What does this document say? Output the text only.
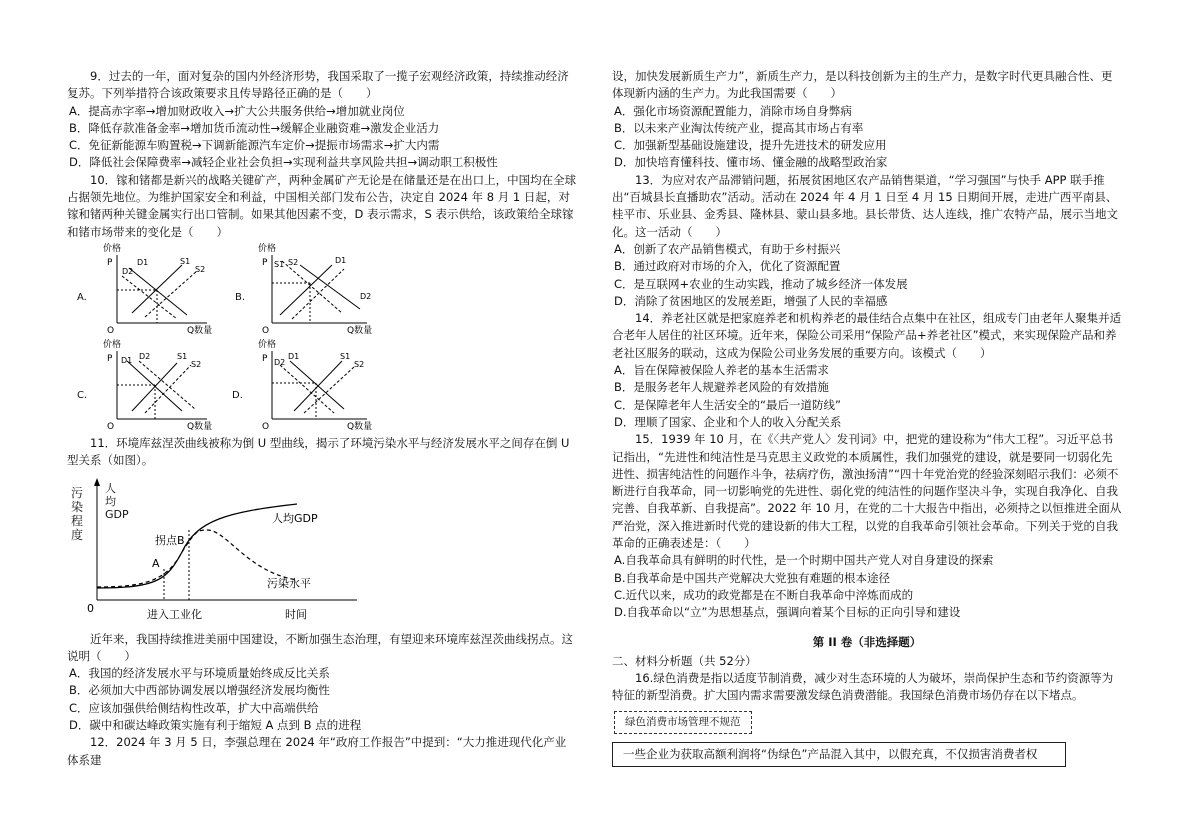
9．过去的一年，面对复杂的国内外经济形势，我国采取了一揽子宏观经济政策，持续推动经济复苏。下列举措符合该政策要求且传导路径正确的是（　　）

A．提高赤字率→增加财政收入→扩大公共服务供给→增加就业岗位

B．降低存款准备金率→增加货币流动性→缓解企业融资难→激发企业活力

C．免征新能源车购置税→下调新能源汽车定价→提振市场需求→扩大内需

D．降低社会保障费率→减轻企业社会负担→实现利益共享风险共担→调动职工积极性

10．镓和锗都是新兴的战略关键矿产，两种金属矿产无论是在储量还是在出口上，中国均在全球占据领先地位。为维护国家安全和利益，中国相关部门发布公告，决定自 2024 年 8 月 1 日起，对镓和锗两种关键金属实行出口管制。如果其他因素不变，D 表示需求，S 表示供给，该政策给全球镓和锗市场带来的变化是（　　）

价格
P
O	Q数量
D2
D1	S1
S2
A.
价格
P
O	Q数量
S1 S2	D1
D2
B.
价格
P
O	Q数量
D1 D2	S1
S2
C.
价格
P
O	Q数量
D2
D1	S1
S2
D.

11．环境库兹涅茨曲线被称为倒 U 型曲线，揭示了环境污染水平与经济发展水平之间存在倒 U 型关系（如图）。

拐点B
A
人均GDP
污染水平
进入工业化	时间
0
污染程度
人均GDP

近年来，我国持续推进美丽中国建设，不断加强生态治理，有望迎来环境库兹涅茨曲线拐点。这说明（　　）

A．我国的经济发展水平与环境质量始终成反比关系

B．必须加大中西部协调发展以增强经济发展均衡性

C．应该加强供给侧结构性改革，扩大中高端供给

D．碳中和碳达峰政策实施有利于缩短 A 点到 B 点的进程

12．2024 年 3 月 5 日，李强总理在 2024 年“政府工作报告”中提到：“大力推进现代化产业体系建

设，加快发展新质生产力”，新质生产力，是以科技创新为主的生产力，是数字时代更具融合性、更体现新内涵的生产力。为此我国需要（　　）

A．强化市场资源配置能力，消除市场自身弊病

B．以未来产业淘汰传统产业，提高其市场占有率

C．加强新型基础设施建设，提升先进技术的研发应用

D．加快培育懂科技、懂市场、懂金融的战略型政治家

13．为应对农产品滞销问题，拓展贫困地区农产品销售渠道，“学习强国”与快手 APP 联手推出“百城县长直播助农”活动。活动在 2024 年 4 月 1 日至 4 月 15 日期间开展，走进广西平南县、桂平市、乐业县、金秀县、隆林县、蒙山县多地。县长带货、达人连线，推广农特产品，展示当地文化。这一活动（　　）

A．创新了农产品销售模式，有助于乡村振兴

B．通过政府对市场的介入，优化了资源配置

C．是互联网+农业的生动实践，推动了城乡经济一体发展

D．消除了贫困地区的发展差距，增强了人民的幸福感

14．养老社区就是把家庭养老和机构养老的最佳结合点集中在社区，组成专门由老年人聚集并适合老年人居住的社区环境。近年来，保险公司采用“保险产品+养老社区”模式，来实现保险产品和养老社区服务的联动，这成为保险公司业务发展的重要方向。该模式（　　）

A．旨在保障被保险人养老的基本生活需求

B．是服务老年人规避养老风险的有效措施

C．是保障老年人生活安全的“最后一道防线”

D．理顺了国家、企业和个人的收入分配关系

15．1939 年 10 月，在《〈共产党人〉发刊词》中，把党的建设称为“伟大工程”。习近平总书记指出，“先进性和纯洁性是马克思主义政党的本质属性，我们加强党的建设，就是要同一切弱化先进性、损害纯洁性的问题作斗争，祛病疗伤，激浊扬清”“四十年党治党的经验深刻昭示我们：必须不断进行自我革命，同一切影响党的先进性、弱化党的纯洁性的问题作坚决斗争，实现自我净化、自我完善、自我革新、自我提高”。2022 年 10 月，在党的二十大报告中指出，必须持之以恒推进全面从严治党，深入推进新时代党的建设新的伟大工程，以党的自我革命引领社会革命。下列关于党的自我革命的正确表述是：（　　）

A.自我革命具有鲜明的时代性，是一个时期中国共产党人对自身建设的探索

B.自我革命是中国共产党解决大党独有难题的根本途径

C.近代以来，成功的政党都是在不断自我革命中淬炼而成的

D.自我革命以“立”为思想基点，强调向着某个目标的正向引导和建设

第 II 卷（非选择题）

二、材料分析题（共 52分）

16.绿色消费是指以适度节制消费，减少对生态环境的人为破坏，崇尚保护生态和节约资源等为特征的新型消费。扩大国内需求需要激发绿色消费潜能。我国绿色消费市场仍存在以下堵点。

绿色消费市场管理不规范
一些企业为获取高额利润将“伪绿色”产品混入其中，以假充真，不仅损害消费者权
